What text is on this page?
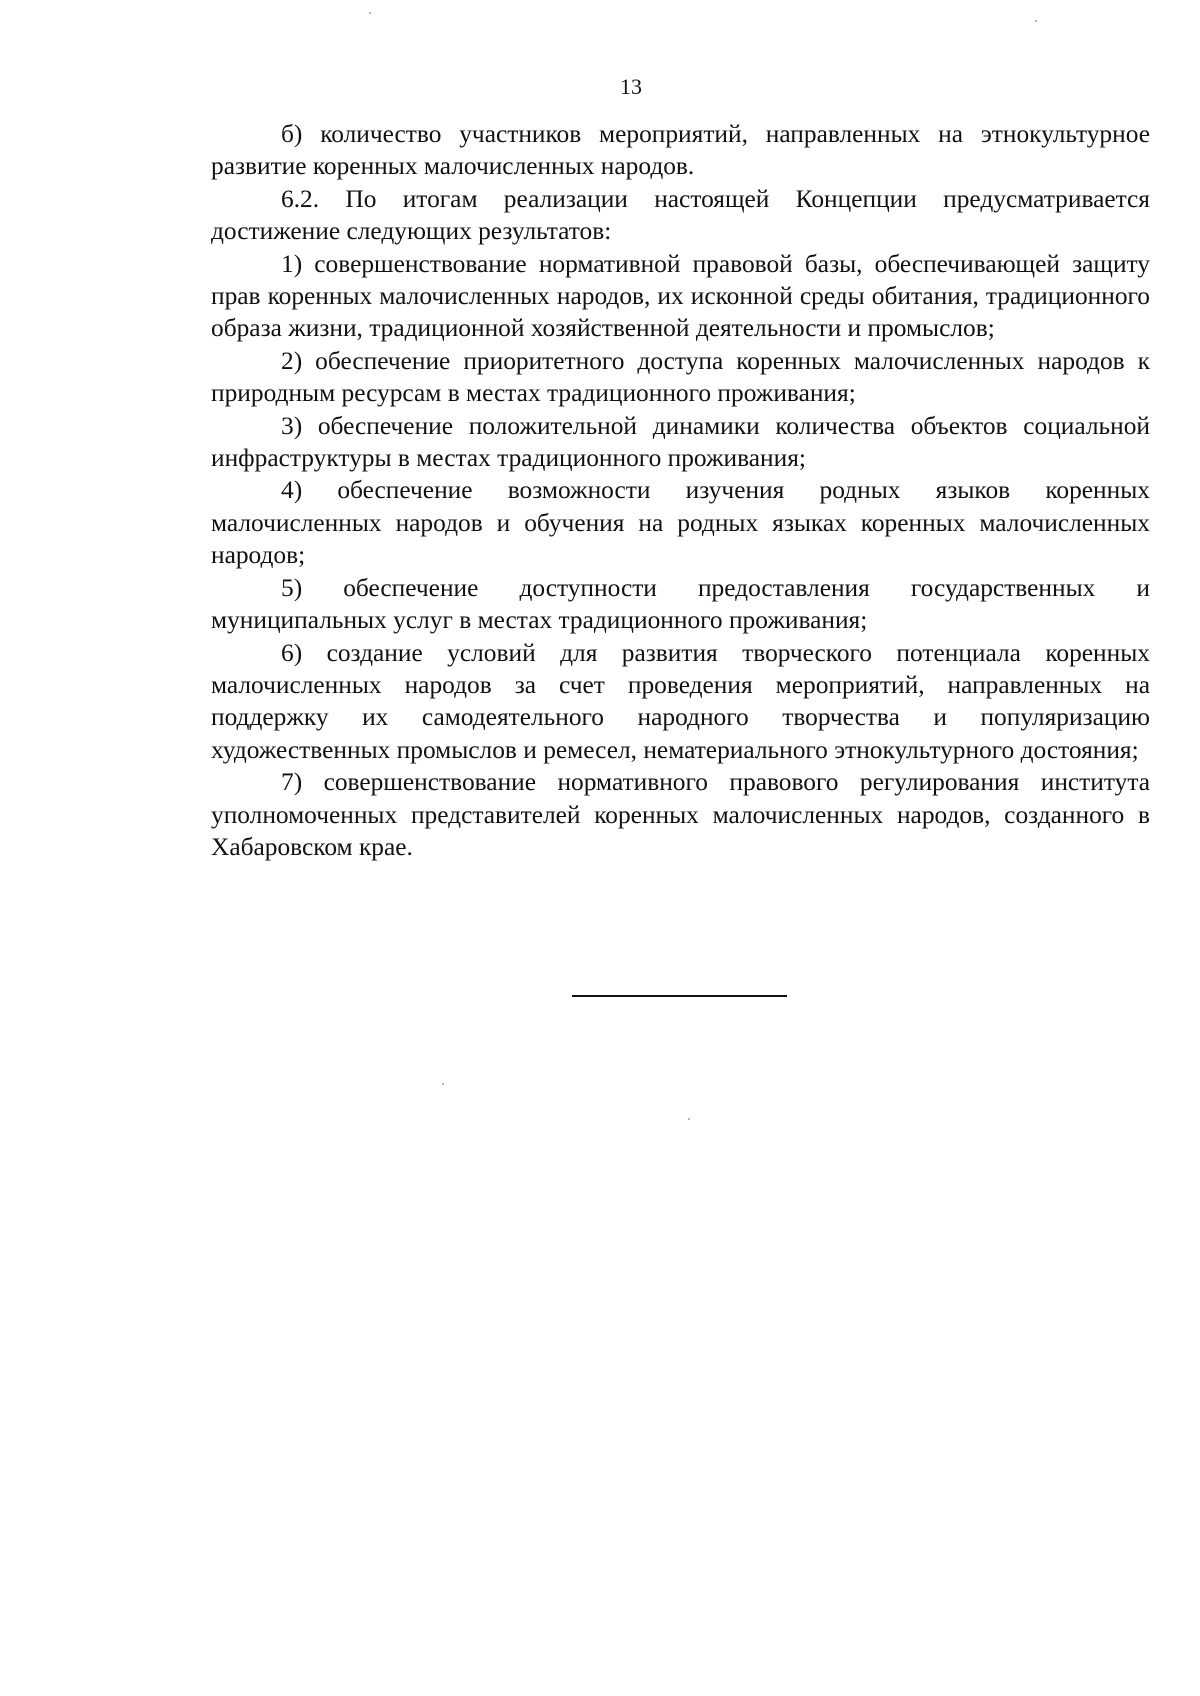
13

б) количество участников мероприятий, направленных на этнокультурное развитие коренных малочисленных народов.

6.2. По итогам реализации настоящей Концепции предусматривается достижение следующих результатов:

1) совершенствование нормативной правовой базы, обеспечивающей защиту прав коренных малочисленных народов, их исконной среды обитания, традиционного образа жизни, традиционной хозяйственной деятельности и промыслов;

2) обеспечение приоритетного доступа коренных малочисленных народов к природным ресурсам в местах традиционного проживания;

3) обеспечение положительной динамики количества объектов социальной инфраструктуры в местах традиционного проживания;

4) обеспечение возможности изучения родных языков коренных малочисленных народов и обучения на родных языках коренных малочисленных народов;

5) обеспечение доступности предоставления государственных и муниципальных услуг в местах традиционного проживания;

6) создание условий для развития творческого потенциала коренных малочисленных народов за счет проведения мероприятий, направленных на поддержку их самодеятельного народного творчества и популяризацию художественных промыслов и ремесел, нематериального этнокультурного достояния;

7) совершенствование нормативного правового регулирования института уполномоченных представителей коренных малочисленных народов, созданного в Хабаровском крае.
